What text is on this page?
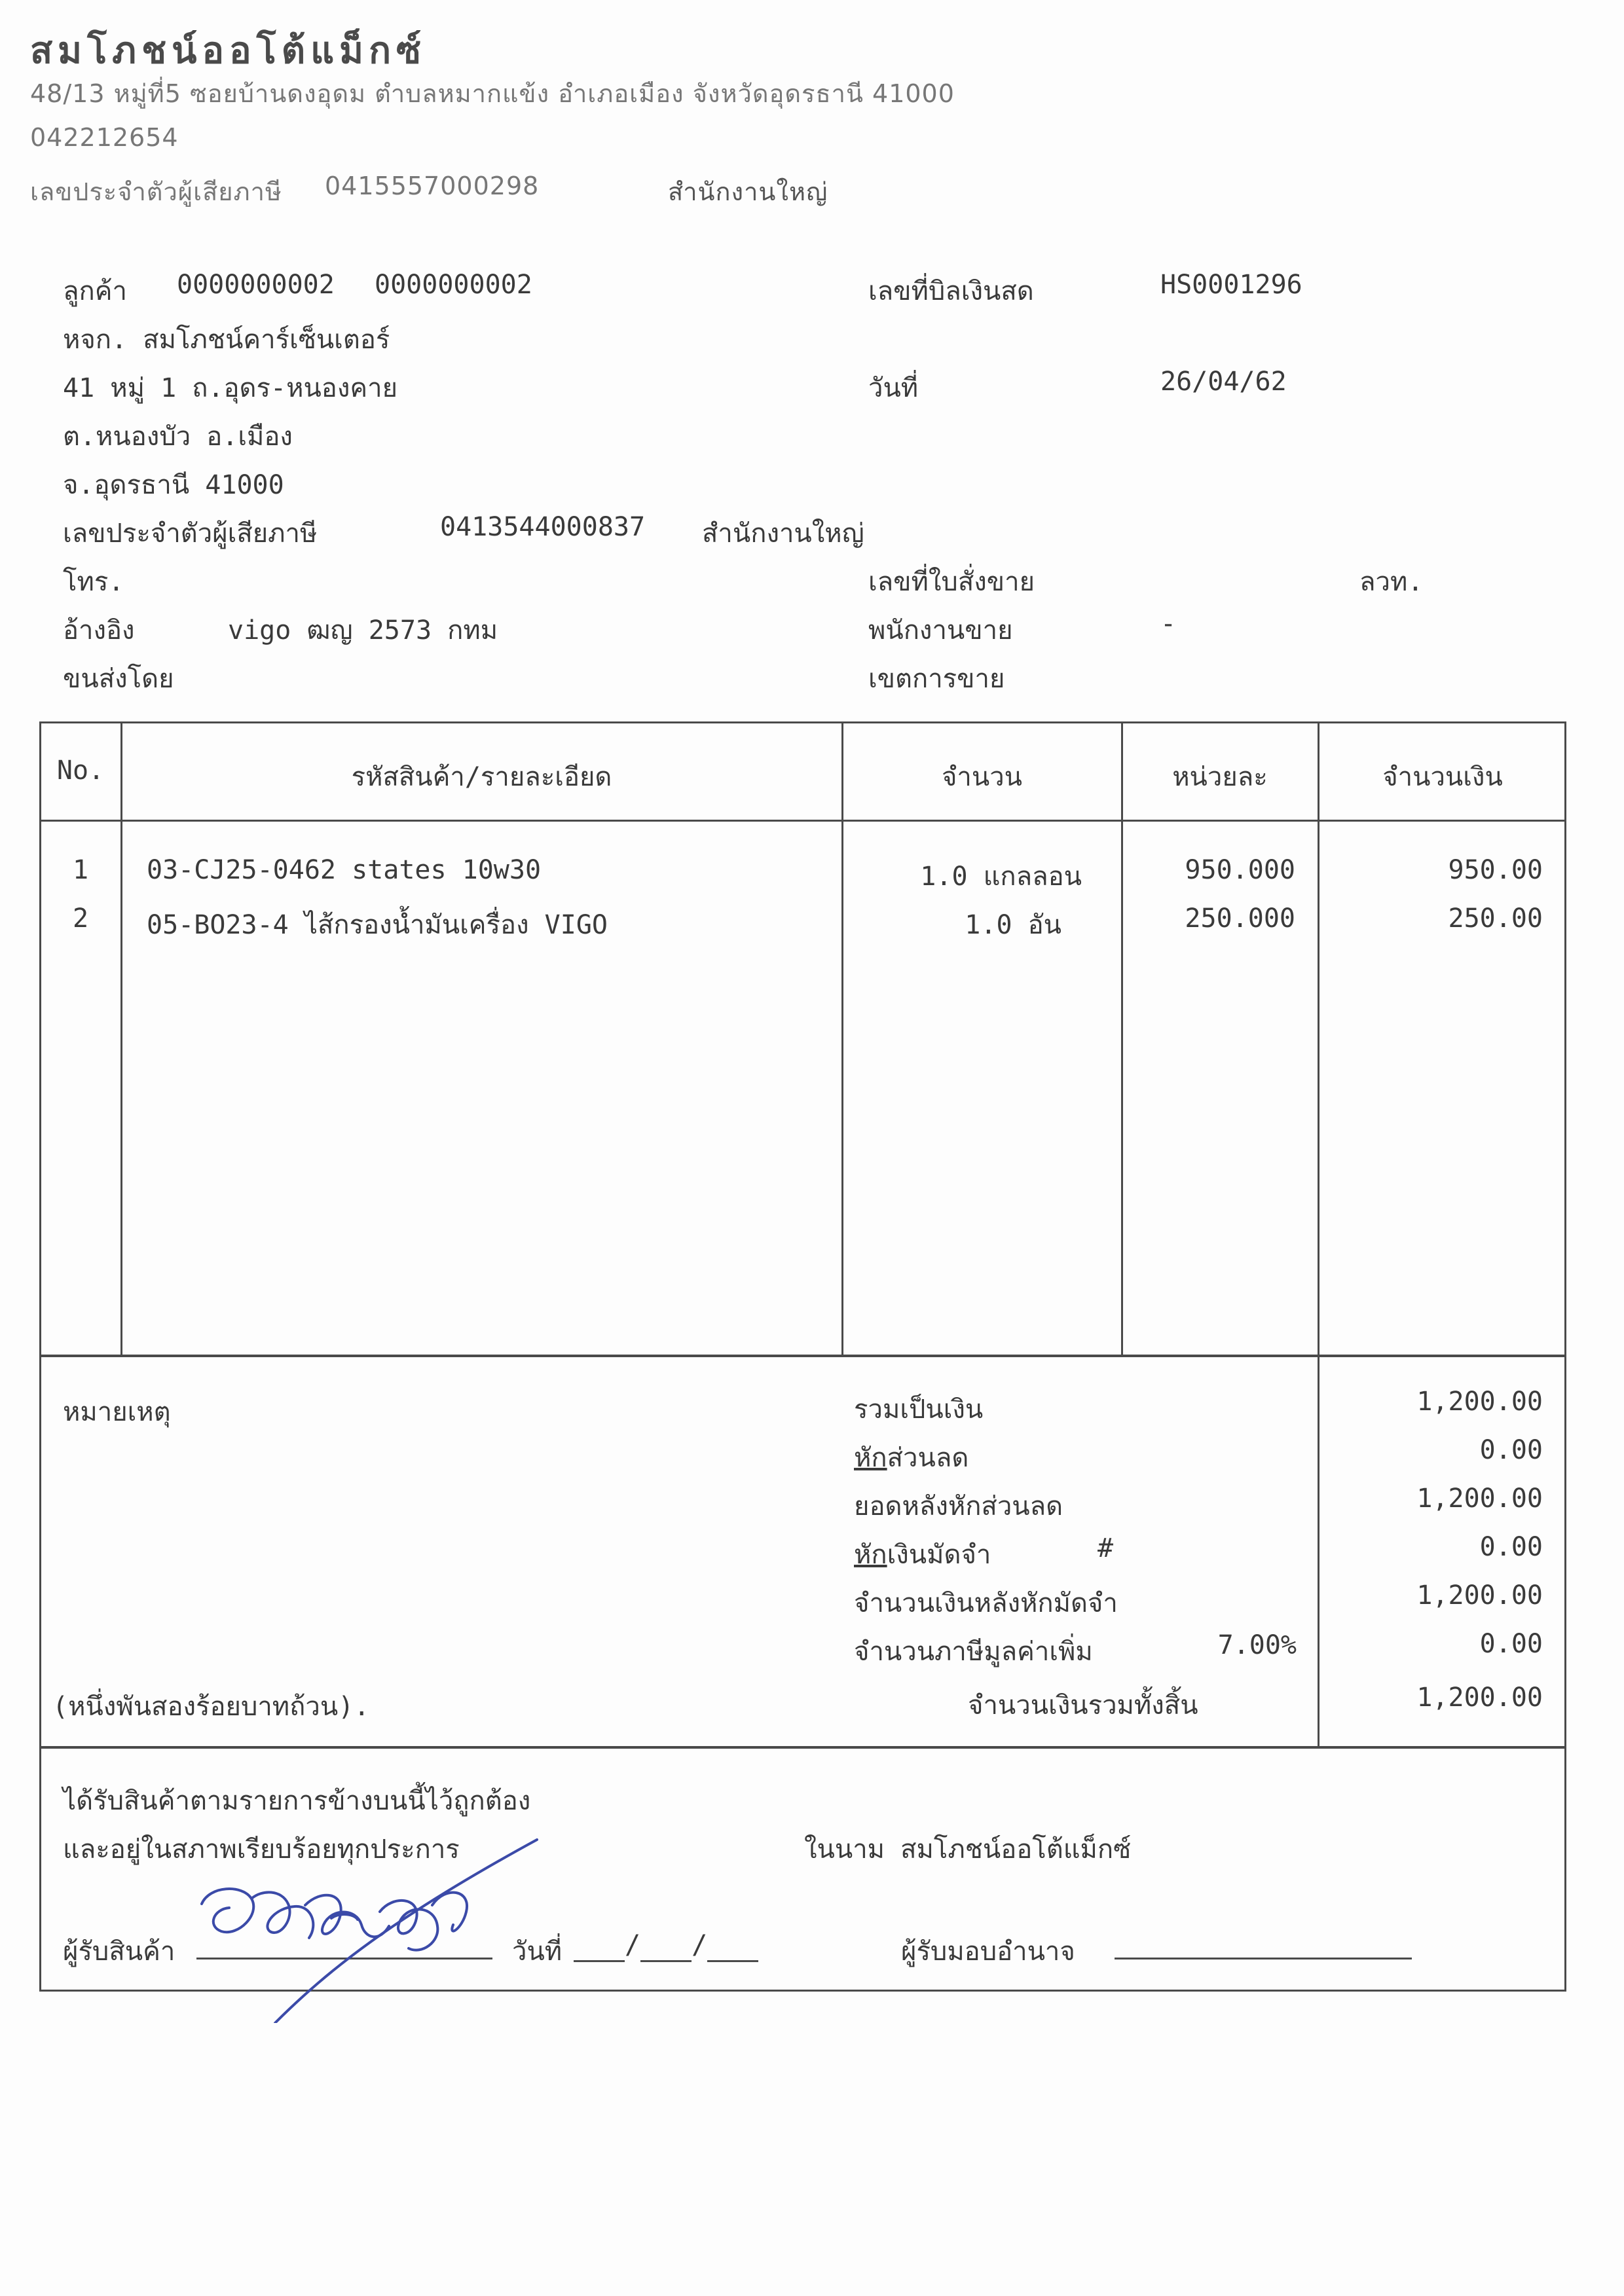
สมโภชน์ออโต้แม็กซ์
48/13 หมู่ที่5 ซอยบ้านดงอุดม ตำบลหมากแข้ง อำเภอเมือง จังหวัดอุดรธานี 41000
042212654
เลขประจำตัวผู้เสียภาษี 0415557000298	สำนักงานใหญ่
ลูกค้า 0000000002 0000000002
หจก. สมโภชน์คาร์เซ็นเตอร์
41 หมู่ 1 ถ.อุดร-หนองคาย
ต.หนองบัว อ.เมือง
จ.อุดรธานี 41000
เลขประจำตัวผู้เสียภาษี	0413544000837 สำนักงานใหญ่
โทร.
อ้างอิง	vigo ฒญ 2573 กทม
ขนส่งโดย
เลขที่บิลเงินสด	HS0001296
วันที่	26/04/62
เลขที่ใบสั่งขาย	ลวท.
พนักงานขาย	-
เขตการขาย
No.	รหัสสินค้า/รายละเอียด	จำนวน	หน่วยละ	จำนวนเงิน
1	03-CJ25-0462 states 10w30	1.0 แกลลอน	950.000	950.00
2	05-BO23-4 ไส้กรองน้ำมันเครื่อง VIGO	1.0 อัน	250.000	250.00
หมายเหตุ	รวมเป็นเงิน	1,200.00
หักส่วนลด	0.00
ยอดหลังหักส่วนลด	1,200.00
หักเงินมัดจำ	#	0.00
จำนวนเงินหลังหักมัดจำ	1,200.00
จำนวนภาษีมูลค่าเพิ่ม	7.00%	0.00
(หนึ่งพันสองร้อยบาทถ้วน).	จำนวนเงินรวมทั้งสิ้น	1,200.00
ได้รับสินค้าตามรายการข้างบนนี้ไว้ถูกต้อง
และอยู่ในสภาพเรียบร้อยทุกประการ	ในนาม สมโภชน์ออโต้แม็กซ์
ผู้รับสินค้า	วันที่	/ /	ผู้รับมอบอำนาจ
